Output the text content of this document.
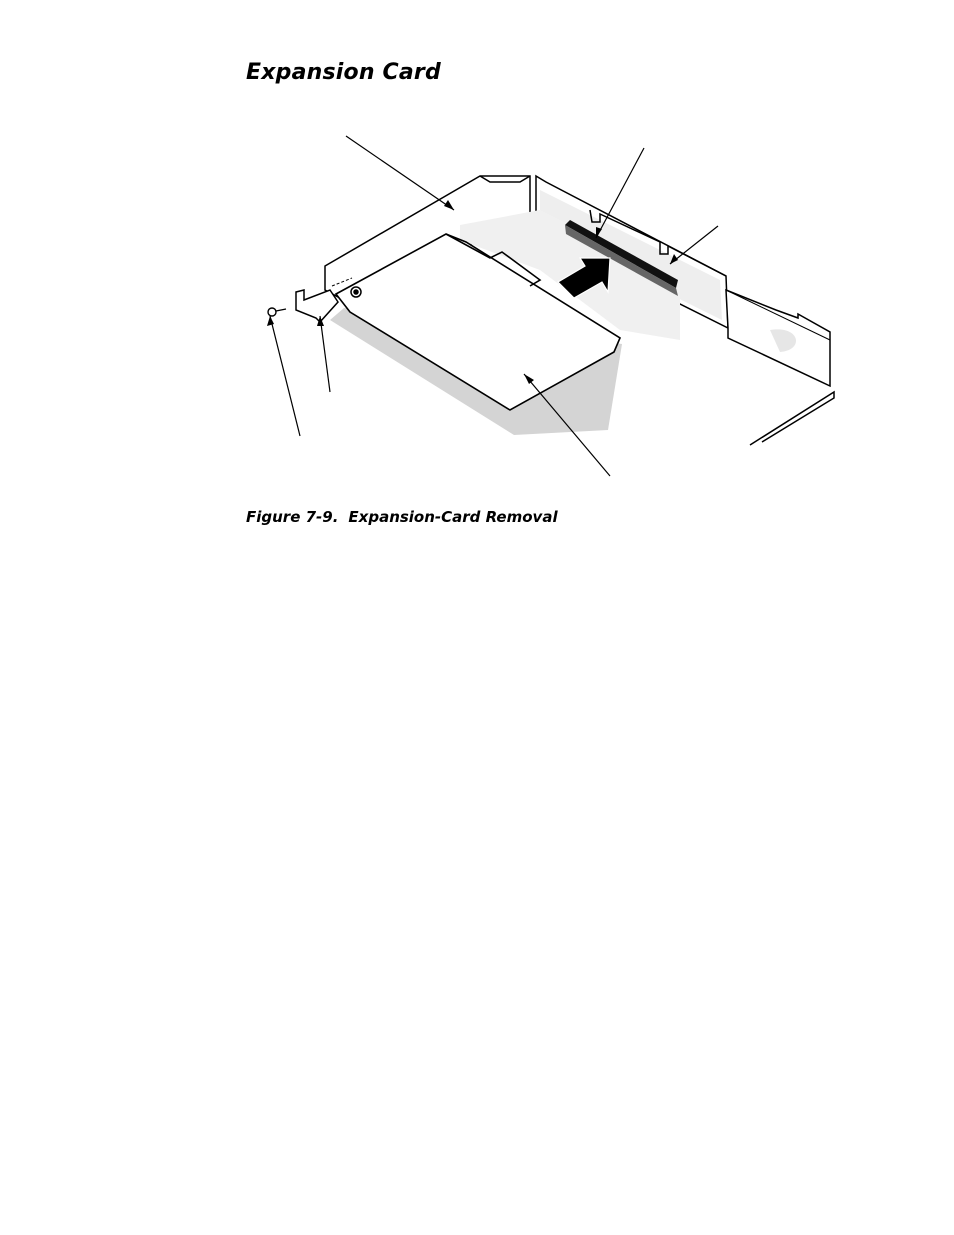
Expansion Card

Figure 7-9. Expansion-Card Removal
